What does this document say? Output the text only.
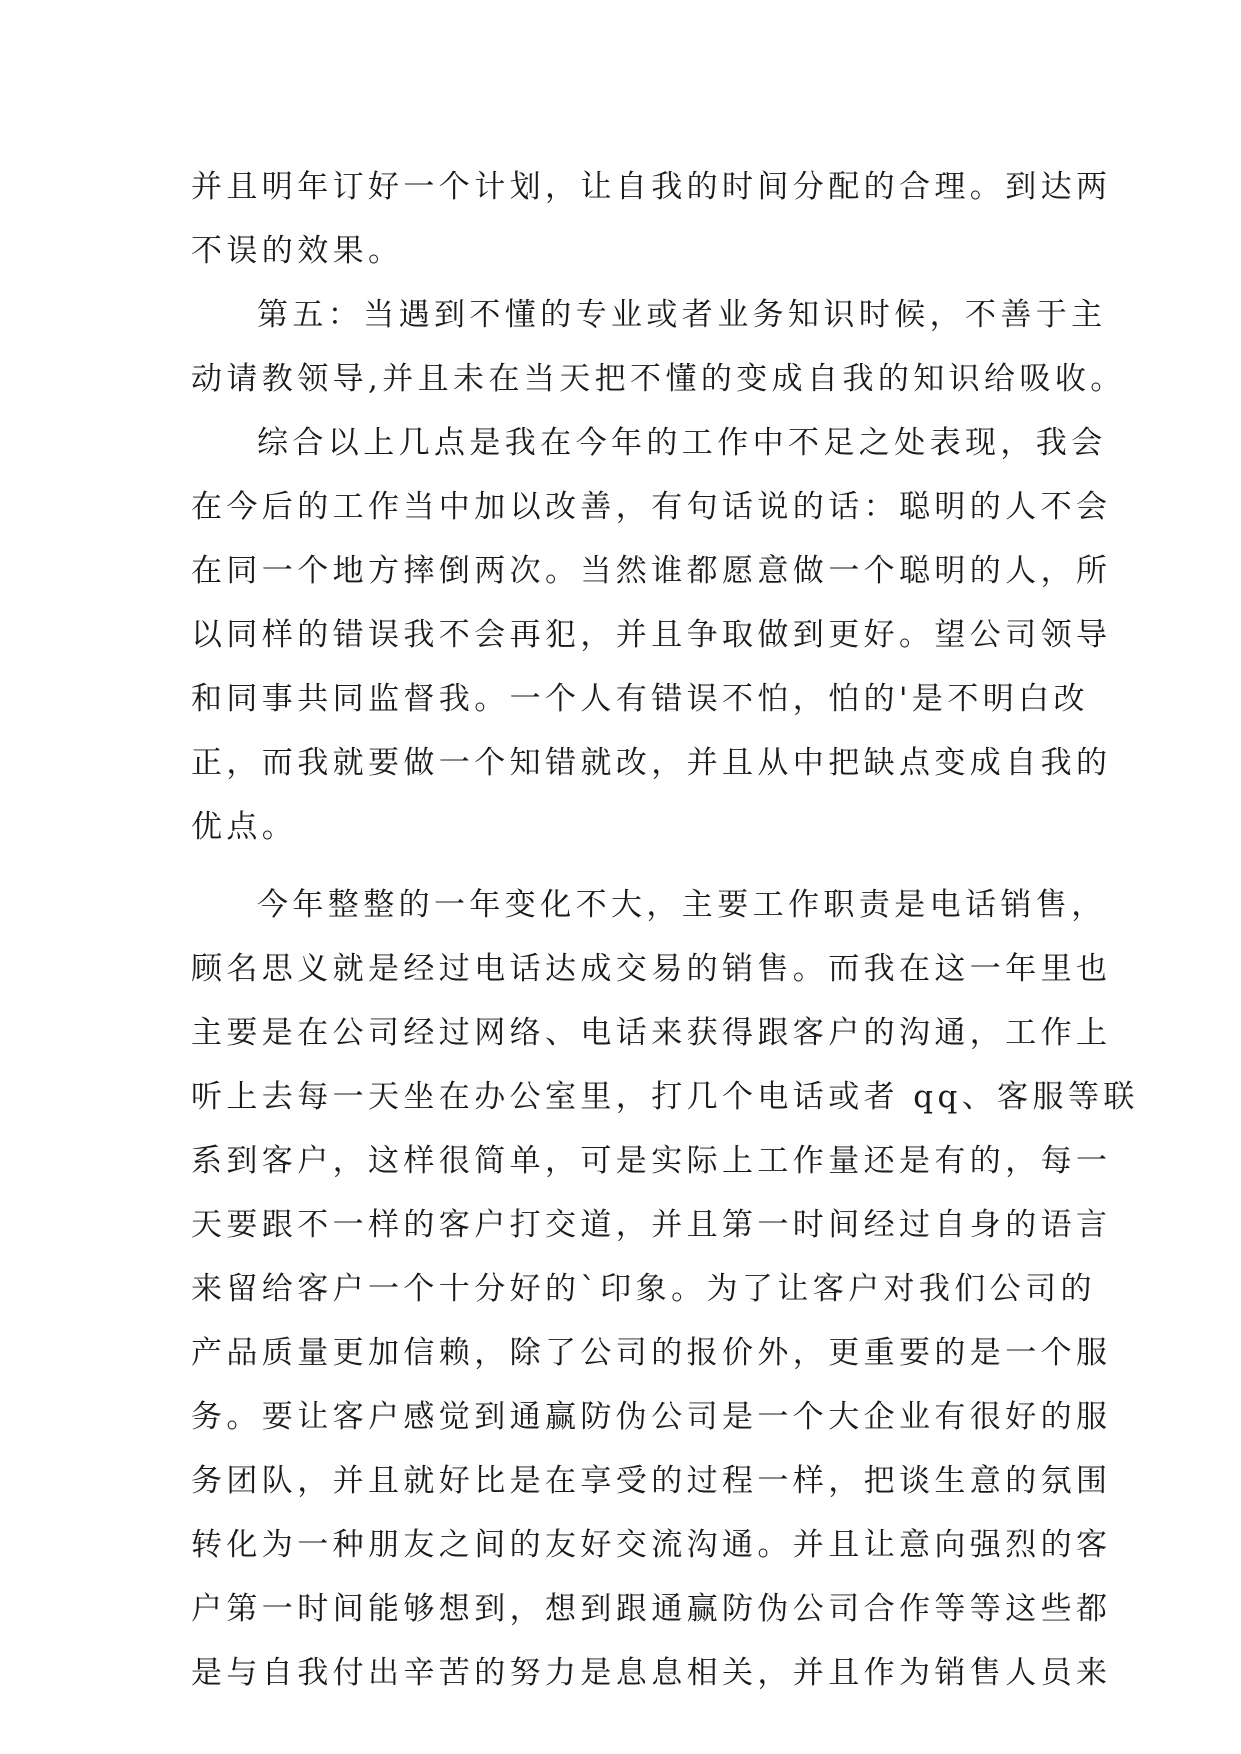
并且明年订好一个计划，让自我的时间分配的合理。到达两
不误的效果。
第五：当遇到不懂的专业或者业务知识时候，不善于主
动请教领导,并且未在当天把不懂的变成自我的知识给吸收。
综合以上几点是我在今年的工作中不足之处表现，我会
在今后的工作当中加以改善，有句话说的话：聪明的人不会
在同一个地方摔倒两次。当然谁都愿意做一个聪明的人，所
以同样的错误我不会再犯，并且争取做到更好。望公司领导
和同事共同监督我。一个人有错误不怕，怕的'是不明白改
正，而我就要做一个知错就改，并且从中把缺点变成自我的
优点。
今年整整的一年变化不大，主要工作职责是电话销售，
顾名思义就是经过电话达成交易的销售。而我在这一年里也
主要是在公司经过网络、电话来获得跟客户的沟通，工作上
听上去每一天坐在办公室里，打几个电话或者 qq、客服等联
系到客户，这样很简单，可是实际上工作量还是有的，每一
天要跟不一样的客户打交道，并且第一时间经过自身的语言
来留给客户一个十分好的`印象。为了让客户对我们公司的
产品质量更加信赖，除了公司的报价外，更重要的是一个服
务。要让客户感觉到通赢防伪公司是一个大企业有很好的服
务团队，并且就好比是在享受的过程一样，把谈生意的氛围
转化为一种朋友之间的友好交流沟通。并且让意向强烈的客
户第一时间能够想到，想到跟通赢防伪公司合作等等这些都
是与自我付出辛苦的努力是息息相关，并且作为销售人员来
